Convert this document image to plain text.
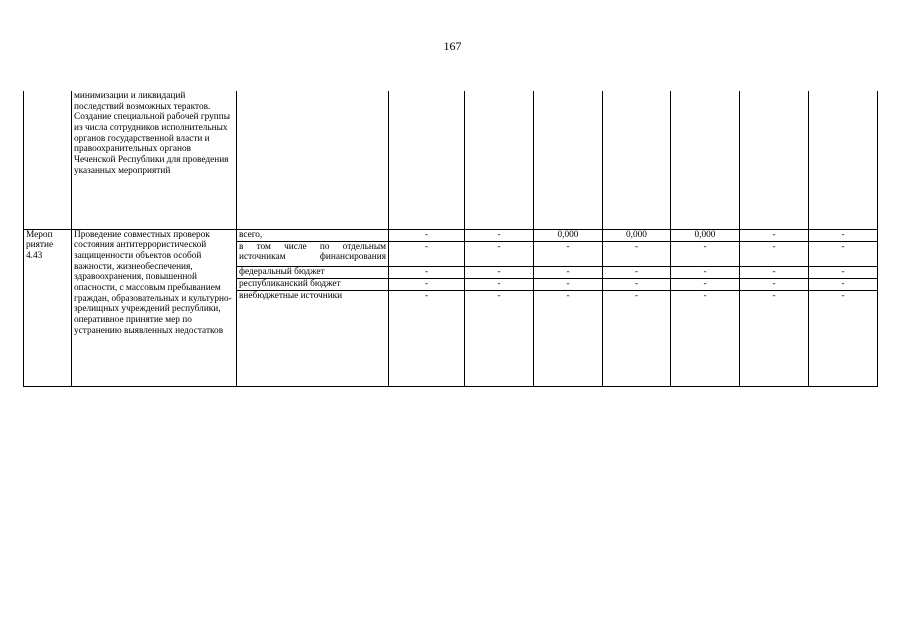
167
	минимизации и ликвидаций последствий возможных терактов. Создание специальной рабочей группы из числа сотрудников исполнительных органов государственной власти и правоохранительных органов Чеченской Республики для проведения указанных мероприятий								
Мероп риятие 4.43	Проведение совместных проверок состояния антитеррористической защищенности объектов особой важности, жизнеобеспечения, здравоохранения, повышенной опасности, с массовым пребыванием граждан, образовательных и культурно-зрелищных учреждений республики, оперативное принятие мер по устранению выявленных недостатков	всего,	-	-	0,000	0,000	0,000	-	-
		в том числе по отдельным источникам финансирования	-	-	-	-	-	-	-
		федеральный бюджет	-	-	-	-	-	-	-
		республиканский бюджет	-	-	-	-	-	-	-
		внебюджетные источники	-	-	-	-	-	-	-
